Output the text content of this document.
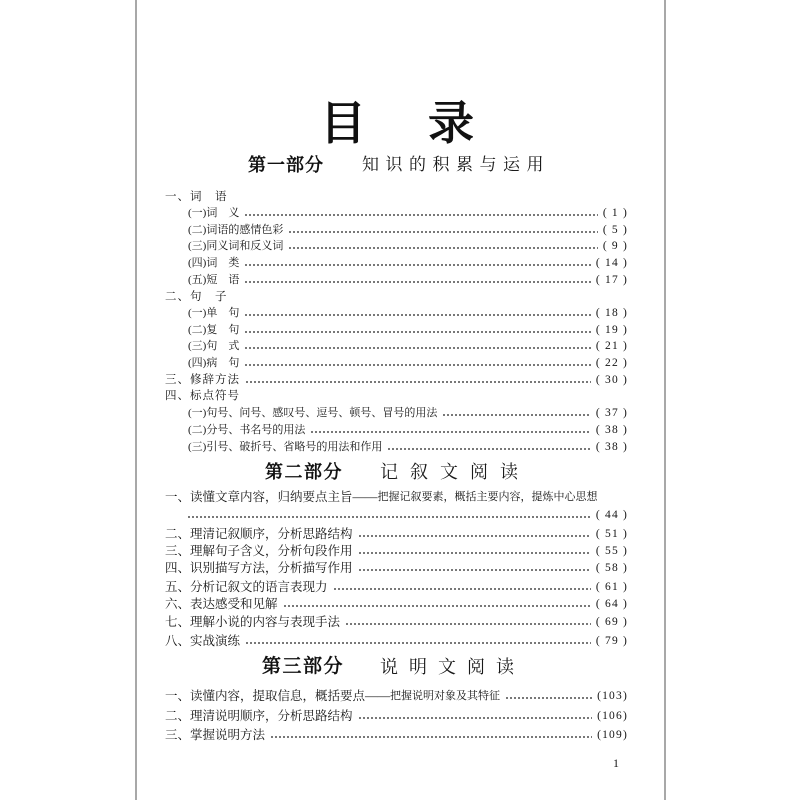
目　录
第一部分 知识的积累与运用
一、词　语
(一)词　义	( 1 )
(二)词语的感情色彩	( 5 )
(三)同义词和反义词	( 9 )
(四)词　类	( 14 )
(五)短　语	( 17 )
二、句　子
(一)单　句	( 18 )
(二)复　句	( 19 )
(三)句　式	( 21 )
(四)病　句	( 22 )
三、修辞方法	( 30 )
四、标点符号
(一)句号、问号、感叹号、逗号、顿号、冒号的用法	( 37 )
(二)分号、书名号的用法	( 38 )
(三)引号、破折号、省略号的用法和作用	( 38 )
第二部分 记叙文阅读
一、读懂文章内容，归纳要点主旨—— 把握记叙要素，概括主要内容，提炼中心思想
( 44 )
二、理清记叙顺序，分析思路结构	( 51 )
三、理解句子含义，分析句段作用	( 55 )
四、识别描写方法，分析描写作用	( 58 )
五、分析记叙文的语言表现力	( 61 )
六、表达感受和见解	( 64 )
七、理解小说的内容与表现手法	( 69 )
八、实战演练	( 79 )
第三部分 说明文阅读
一、读懂内容，提取信息，概括要点—— 把握说明对象及其特征	(103)
二、理清说明顺序，分析思路结构	(106)
三、掌握说明方法	(109)
1
